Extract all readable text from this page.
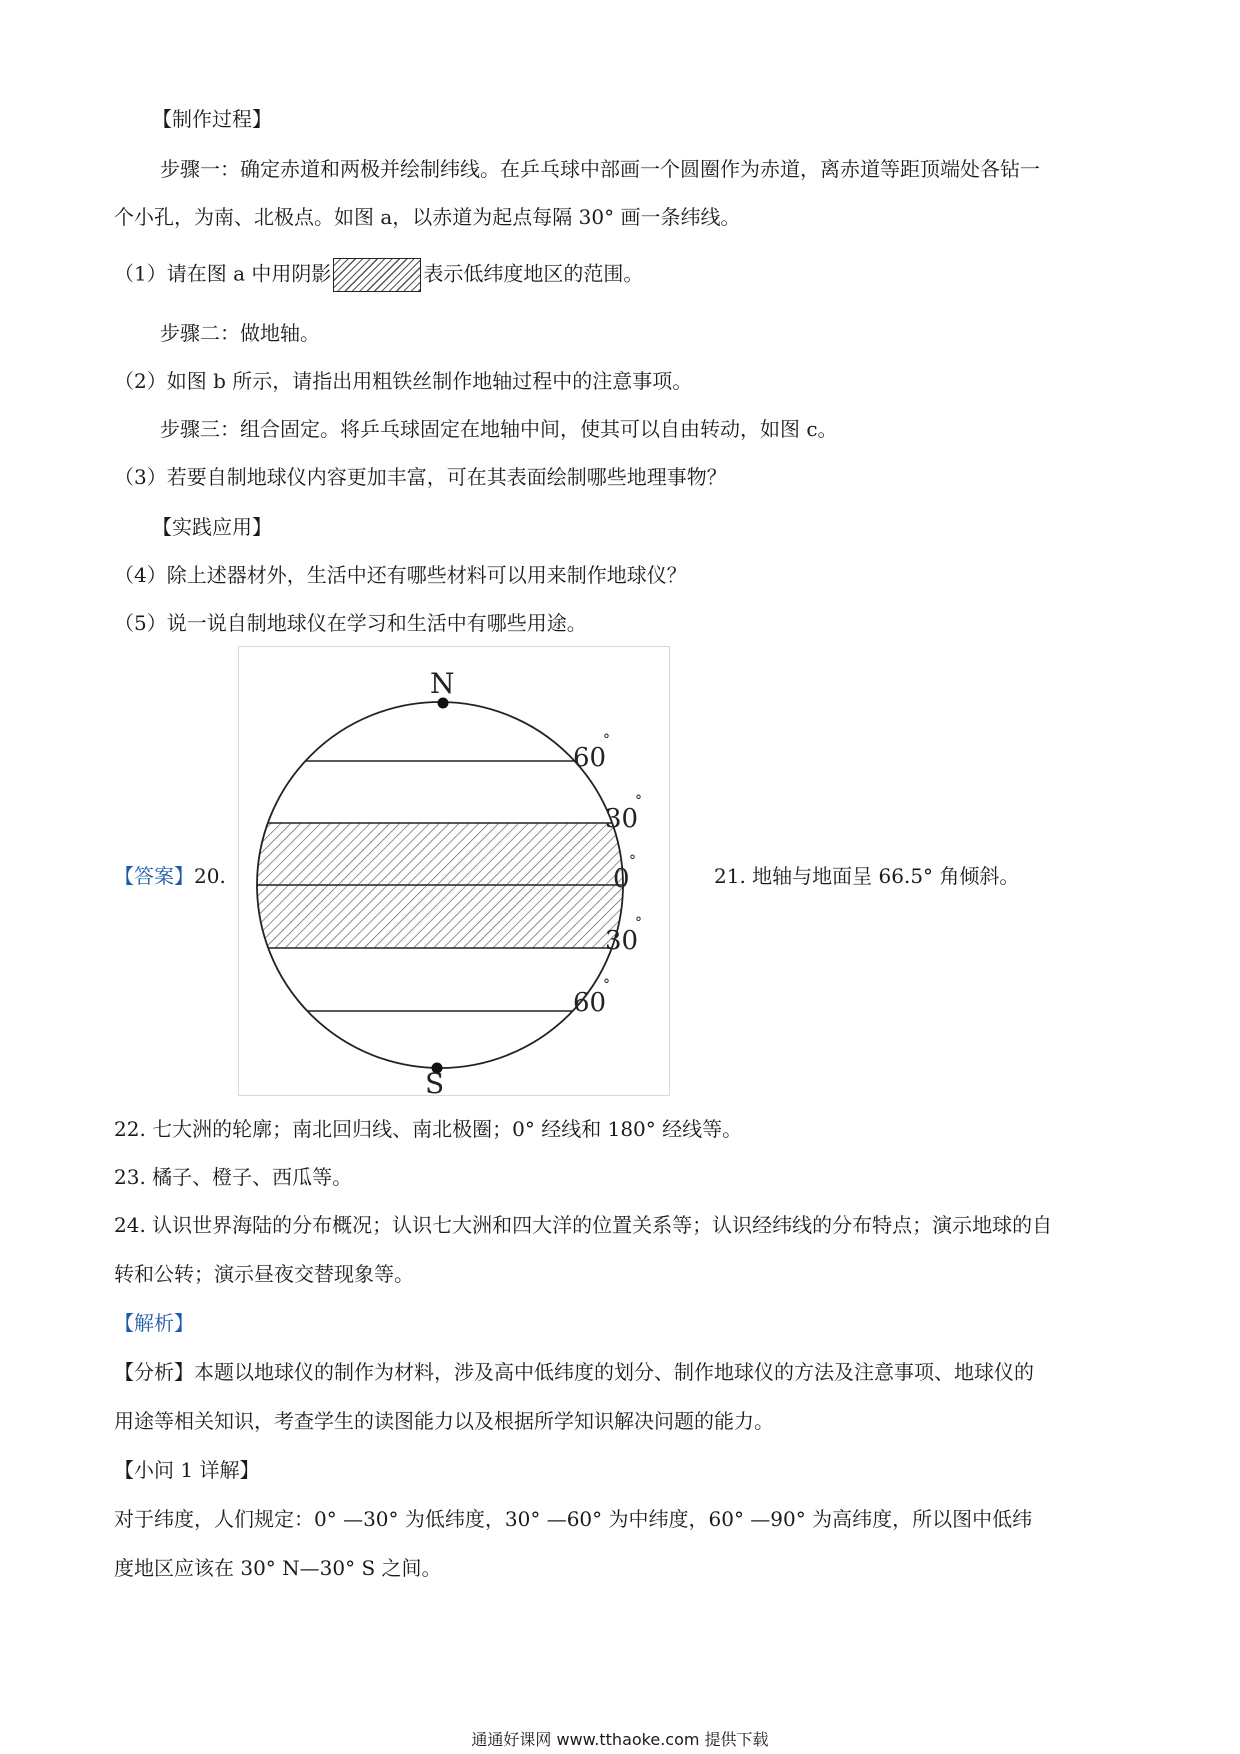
【制作过程】
步骤一：确定赤道和两极并绘制纬线。在乒乓球中部画一个圆圈作为赤道，离赤道等距顶端处各钻一
个小孔，为南、北极点。如图 a，以赤道为起点每隔 30° 画一条纬线。
（1）请在图 a 中用阴影	表示低纬度地区的范围。
步骤二：做地轴。
（2）如图 b 所示，请指出用粗铁丝制作地轴过程中的注意事项。
步骤三：组合固定。将乒乓球固定在地轴中间，使其可以自由转动，如图 c。
（3）若要自制地球仪内容更加丰富，可在其表面绘制哪些地理事物？
【实践应用】
（4）除上述器材外，生活中还有哪些材料可以用来制作地球仪？
（5）说一说自制地球仪在学习和生活中有哪些用途。
【答案】20.
N
S
60
°
30
°
0
°
30
°
60
°
21. 地轴与地面呈 66.5° 角倾斜。
22. 七大洲的轮廓；南北回归线、南北极圈；0° 经线和 180° 经线等。
23. 橘子、橙子、西瓜等。
24. 认识世界海陆的分布概况；认识七大洲和四大洋的位置关系等；认识经纬线的分布特点；演示地球的自
转和公转；演示昼夜交替现象等。
【解析】
【分析】本题以地球仪的制作为材料，涉及高中低纬度的划分、制作地球仪的方法及注意事项、地球仪的
用途等相关知识，考查学生的读图能力以及根据所学知识解决问题的能力。
【小问 1 详解】
对于纬度，人们规定：0° —30° 为低纬度，30° —60° 为中纬度，60° —90° 为高纬度，所以图中低纬
度地区应该在 30° N—30° S 之间。
通通好课网 www.tthaoke.com 提供下载
